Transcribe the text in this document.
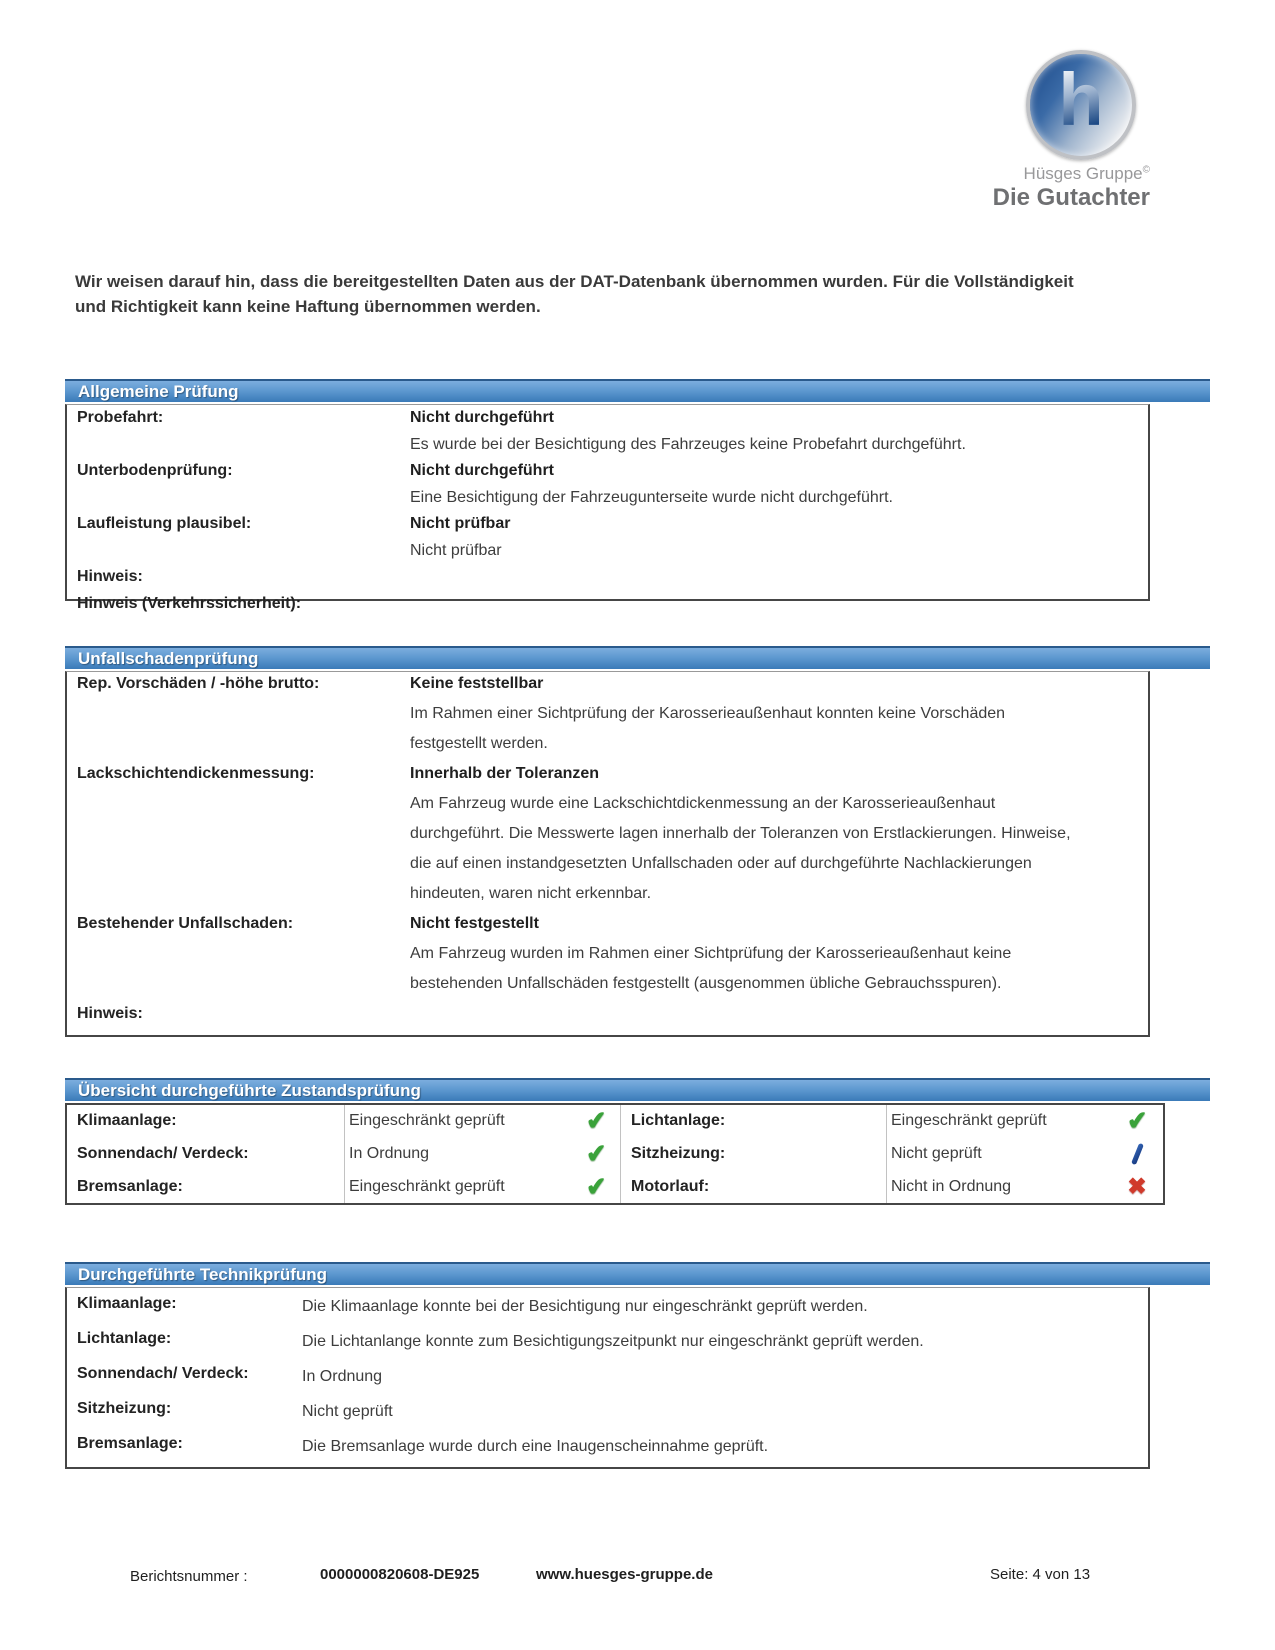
h
Hüsges Gruppe©
Die Gutachter
Wir weisen darauf hin, dass die bereitgestellten Daten aus der DAT-Datenbank übernommen wurden. Für die Vollständigkeit
und Richtigkeit kann keine Haftung übernommen werden.
Allgemeine Prüfung
Unfallschadenprüfung
Übersicht durchgeführte Zustandsprüfung
Durchgeführte Technikprüfung
Probefahrt:	Nicht durchgeführt
Es wurde bei der Besichtigung des Fahrzeuges keine Probefahrt durchgeführt.
Unterbodenprüfung:	Nicht durchgeführt
Eine Besichtigung der Fahrzeugunterseite wurde nicht durchgeführt.
Laufleistung plausibel:	Nicht prüfbar
Nicht prüfbar
Hinweis:
Hinweis (Verkehrssicherheit):
Rep. Vorschäden / -höhe brutto:	Keine feststellbar
Im Rahmen einer Sichtprüfung der Karosserieaußenhaut konnten keine Vorschäden
festgestellt werden.
Lackschichtendickenmessung:	Innerhalb der Toleranzen
Am Fahrzeug wurde eine Lackschichtdickenmessung an der Karosserieaußenhaut
durchgeführt. Die Messwerte lagen innerhalb der Toleranzen von Erstlackierungen. Hinweise,
die auf einen instandgesetzten Unfallschaden oder auf durchgeführte Nachlackierungen
hindeuten, waren nicht erkennbar.
Bestehender Unfallschaden:	Nicht festgestellt
Am Fahrzeug wurden im Rahmen einer Sichtprüfung der Karosserieaußenhaut keine
bestehenden Unfallschäden festgestellt (ausgenommen übliche Gebrauchsspuren).
Hinweis:
Klimaanlage:	Eingeschränkt geprüft	✔	Lichtanlage:	Eingeschränkt geprüft	✔
Sonnendach/ Verdeck:	In Ordnung	✔	Sitzheizung:	Nicht geprüft
Bremsanlage:	Eingeschränkt geprüft	✔	Motorlauf:	Nicht in Ordnung	✖
Klimaanlage:	Die Klimaanlage konnte bei der Besichtigung nur eingeschränkt geprüft werden.
Lichtanlage:	Die Lichtanlange konnte zum Besichtigungszeitpunkt nur eingeschränkt geprüft werden.
Sonnendach/ Verdeck:	In Ordnung
Sitzheizung:	Nicht geprüft
Bremsanlage:	Die Bremsanlage wurde durch eine Inaugenscheinnahme geprüft.
Berichtsnummer :	0000000820608-DE925	www.huesges-gruppe.de	Seite: 4 von 13
